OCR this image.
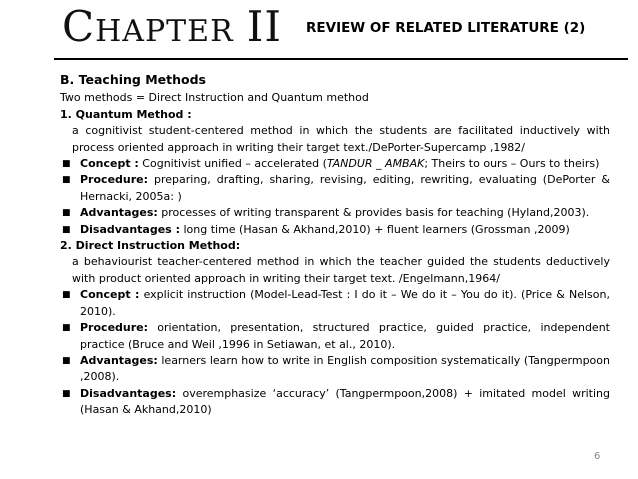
CHAPTER II REVIEW OF RELATED LITERATURE (2)
B. Teaching Methods
Two methods = Direct Instruction and Quantum method
1. Quantum Method :
a cognitivist student-centered method in which the students are facilitated inductively with process oriented approach in writing their target text./DePorter-Supercamp ,1982/
■ Concept : Cognitivist unified – accelerated (TANDUR _ AMBAK; Theirs to ours – Ours to theirs)
■ Procedure: preparing, drafting, sharing, revising, editing, rewriting, evaluating (DePorter & Hernacki, 2005a: )
■ Advantages: processes of writing transparent & provides basis for teaching (Hyland,2003).
■ Disadvantages : long time (Hasan & Akhand,2010) + fluent learners (Grossman ,2009)
2. Direct Instruction Method:
a behaviourist teacher-centered method in which the teacher guided the students deductively with product oriented approach in writing their target text. /Engelmann,1964/
■ Concept : explicit instruction (Model-Lead-Test : I do it – We do it – You do it). (Price & Nelson, 2010).
■ Procedure: orientation, presentation, structured practice, guided practice, independent practice (Bruce and Weil ,1996 in Setiawan, et al., 2010).
■ Advantages: learners learn how to write in English composition systematically (Tangpermpoon ,2008).
■ Disadvantages: overemphasize ‘accuracy’ (Tangpermpoon,2008) + imitated model writing (Hasan & Akhand,2010)
6
